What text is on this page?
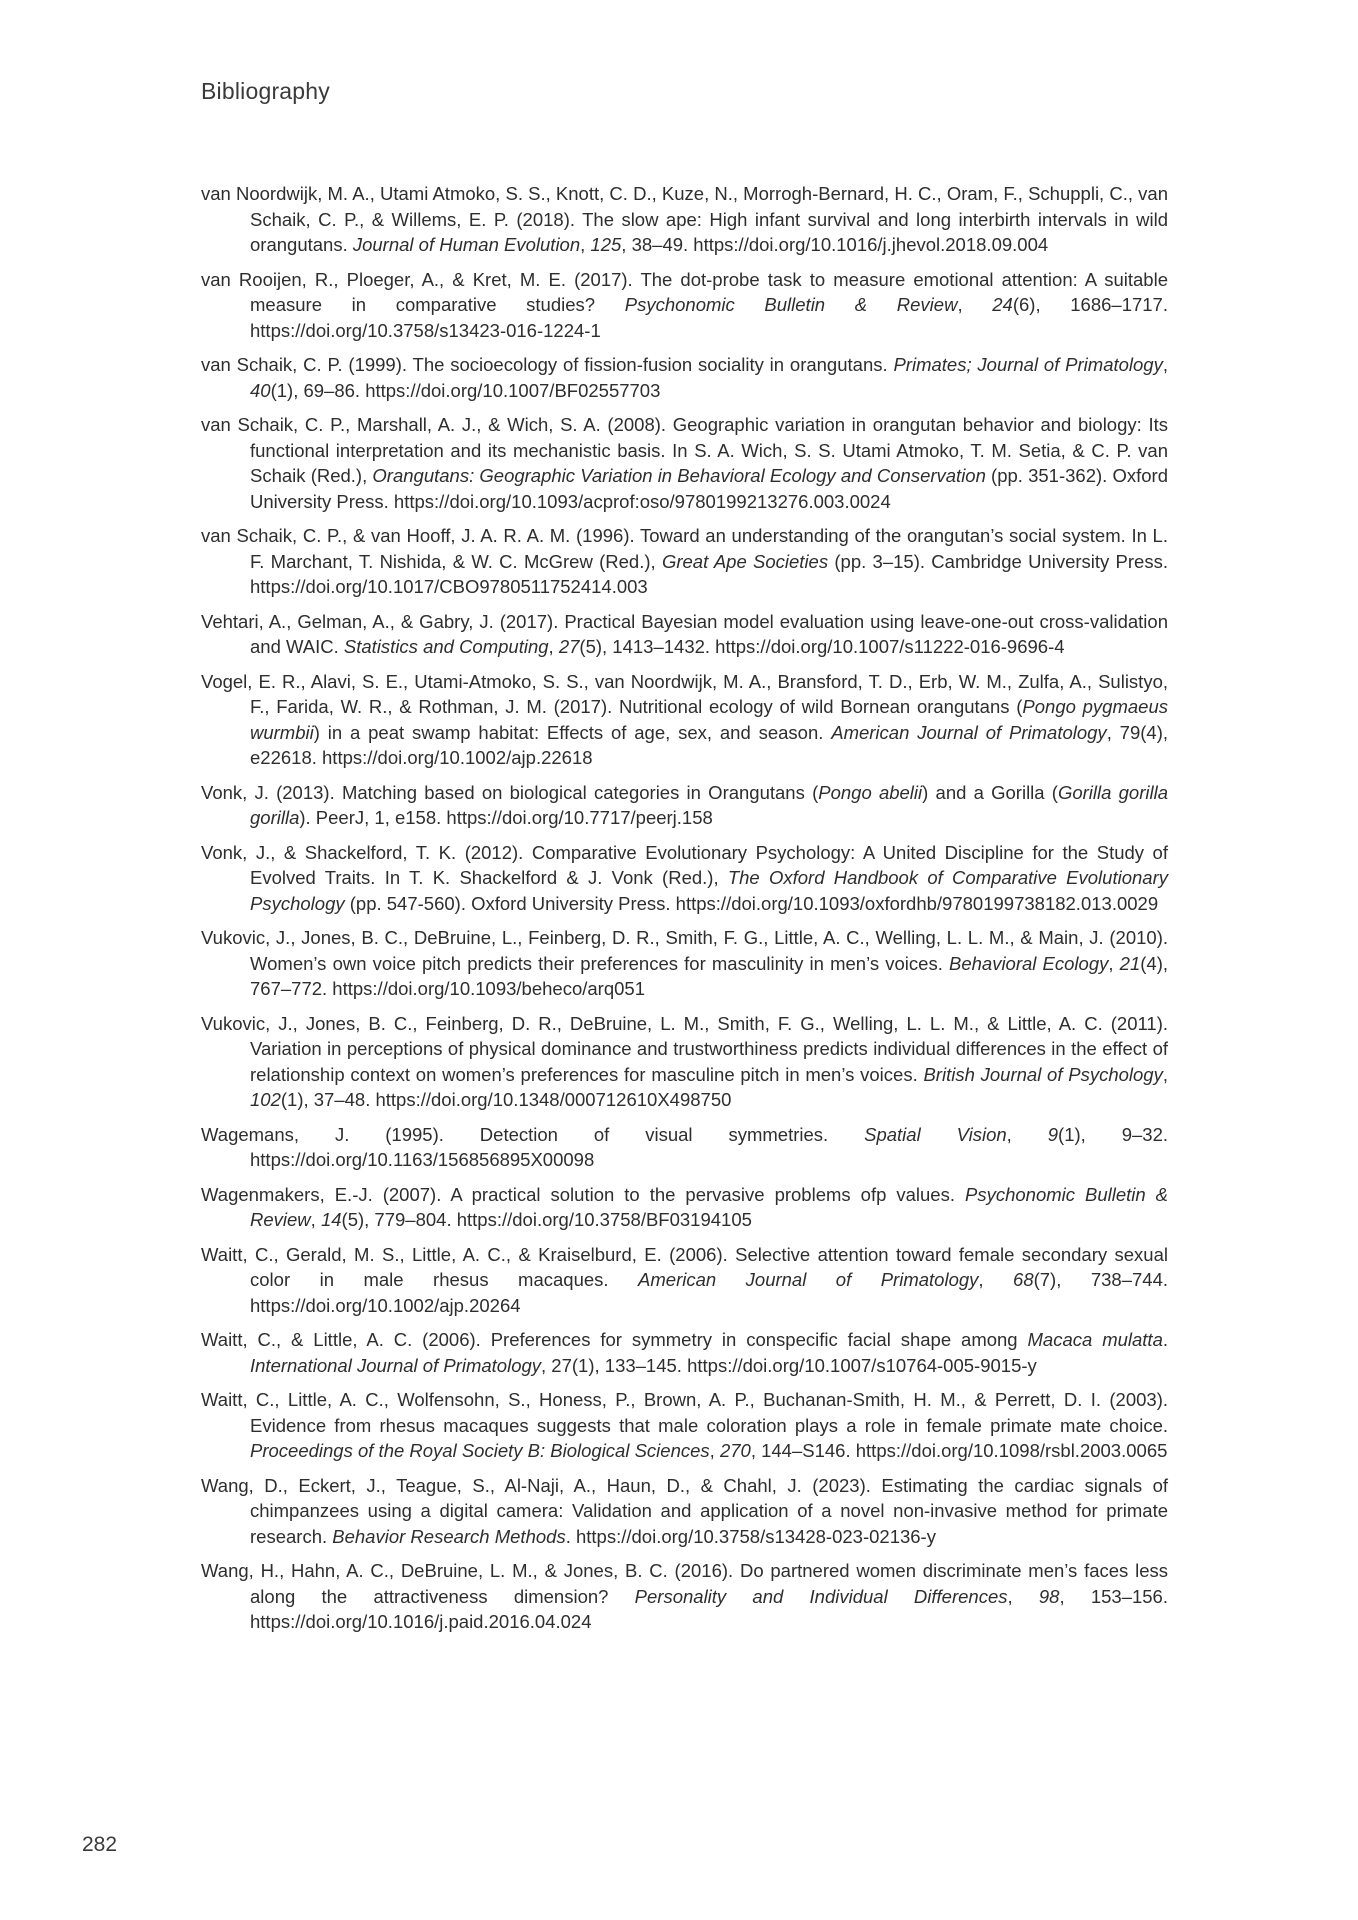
Bibliography
van Noordwijk, M. A., Utami Atmoko, S. S., Knott, C. D., Kuze, N., Morrogh-Bernard, H. C., Oram, F., Schuppli, C., van Schaik, C. P., & Willems, E. P. (2018). The slow ape: High infant survival and long interbirth intervals in wild orangutans. Journal of Human Evolution, 125, 38–49. https://doi.org/10.1016/j.jhevol.2018.09.004
van Rooijen, R., Ploeger, A., & Kret, M. E. (2017). The dot-probe task to measure emotional attention: A suitable measure in comparative studies? Psychonomic Bulletin & Review, 24(6), 1686–1717. https://doi.org/10.3758/s13423-016-1224-1
van Schaik, C. P. (1999). The socioecology of fission-fusion sociality in orangutans. Primates; Journal of Primatology, 40(1), 69–86. https://doi.org/10.1007/BF02557703
van Schaik, C. P., Marshall, A. J., & Wich, S. A. (2008). Geographic variation in orangutan behavior and biology: Its functional interpretation and its mechanistic basis. In S. A. Wich, S. S. Utami Atmoko, T. M. Setia, & C. P. van Schaik (Red.), Orangutans: Geographic Variation in Behavioral Ecology and Conservation (pp. 351-362). Oxford University Press. https://doi.org/10.1093/acprof:oso/9780199213276.003.0024
van Schaik, C. P., & van Hooff, J. A. R. A. M. (1996). Toward an understanding of the orangutan’s social system. In L. F. Marchant, T. Nishida, & W. C. McGrew (Red.), Great Ape Societies (pp. 3–15). Cambridge University Press. https://doi.org/10.1017/CBO9780511752414.003
Vehtari, A., Gelman, A., & Gabry, J. (2017). Practical Bayesian model evaluation using leave-one-out cross-validation and WAIC. Statistics and Computing, 27(5), 1413–1432. https://doi.org/10.1007/s11222-016-9696-4
Vogel, E. R., Alavi, S. E., Utami-Atmoko, S. S., van Noordwijk, M. A., Bransford, T. D., Erb, W. M., Zulfa, A., Sulistyo, F., Farida, W. R., & Rothman, J. M. (2017). Nutritional ecology of wild Bornean orangutans (Pongo pygmaeus wurmbii) in a peat swamp habitat: Effects of age, sex, and season. American Journal of Primatology, 79(4), e22618. https://doi.org/10.1002/ajp.22618
Vonk, J. (2013). Matching based on biological categories in Orangutans (Pongo abelii) and a Gorilla (Gorilla gorilla gorilla). PeerJ, 1, e158. https://doi.org/10.7717/peerj.158
Vonk, J., & Shackelford, T. K. (2012). Comparative Evolutionary Psychology: A United Discipline for the Study of Evolved Traits. In T. K. Shackelford & J. Vonk (Red.), The Oxford Handbook of Comparative Evolutionary Psychology (pp. 547-560). Oxford University Press. https://doi.org/10.1093/oxfordhb/9780199738182.013.0029
Vukovic, J., Jones, B. C., DeBruine, L., Feinberg, D. R., Smith, F. G., Little, A. C., Welling, L. L. M., & Main, J. (2010). Women’s own voice pitch predicts their preferences for masculinity in men’s voices. Behavioral Ecology, 21(4), 767–772. https://doi.org/10.1093/beheco/arq051
Vukovic, J., Jones, B. C., Feinberg, D. R., DeBruine, L. M., Smith, F. G., Welling, L. L. M., & Little, A. C. (2011). Variation in perceptions of physical dominance and trustworthiness predicts individual differences in the effect of relationship context on women’s preferences for masculine pitch in men’s voices. British Journal of Psychology, 102(1), 37–48. https://doi.org/10.1348/000712610X498750
Wagemans, J. (1995). Detection of visual symmetries. Spatial Vision, 9(1), 9–32. https://doi.org/10.1163/156856895X00098
Wagenmakers, E.-J. (2007). A practical solution to the pervasive problems ofp values. Psychonomic Bulletin & Review, 14(5), 779–804. https://doi.org/10.3758/BF03194105
Waitt, C., Gerald, M. S., Little, A. C., & Kraiselburd, E. (2006). Selective attention toward female secondary sexual color in male rhesus macaques. American Journal of Primatology, 68(7), 738–744. https://doi.org/10.1002/ajp.20264
Waitt, C., & Little, A. C. (2006). Preferences for symmetry in conspecific facial shape among Macaca mulatta. International Journal of Primatology, 27(1), 133–145. https://doi.org/10.1007/s10764-005-9015-y
Waitt, C., Little, A. C., Wolfensohn, S., Honess, P., Brown, A. P., Buchanan-Smith, H. M., & Perrett, D. I. (2003). Evidence from rhesus macaques suggests that male coloration plays a role in female primate mate choice. Proceedings of the Royal Society B: Biological Sciences, 270, 144–S146. https://doi.org/10.1098/rsbl.2003.0065
Wang, D., Eckert, J., Teague, S., Al-Naji, A., Haun, D., & Chahl, J. (2023). Estimating the cardiac signals of chimpanzees using a digital camera: Validation and application of a novel non-invasive method for primate research. Behavior Research Methods. https://doi.org/10.3758/s13428-023-02136-y
Wang, H., Hahn, A. C., DeBruine, L. M., & Jones, B. C. (2016). Do partnered women discriminate men’s faces less along the attractiveness dimension? Personality and Individual Differences, 98, 153–156. https://doi.org/10.1016/j.paid.2016.04.024
282
